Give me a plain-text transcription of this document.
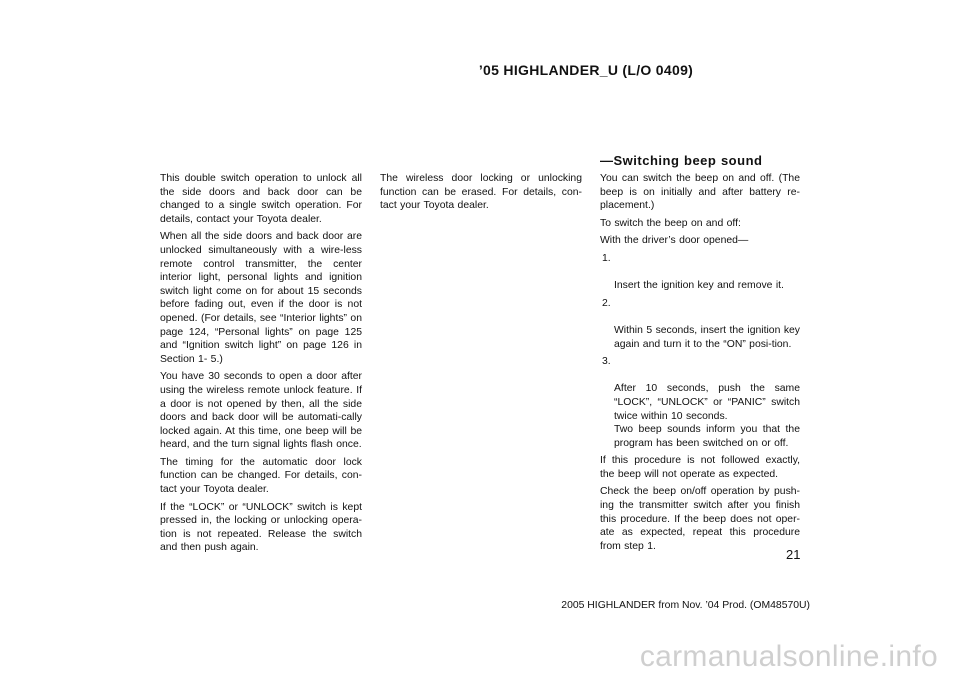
’05 HIGHLANDER_U (L/O 0409)

This double switch operation to unlock all the side doors and back door can be changed to a single switch operation. For details, contact your Toyota dealer.

When all the side doors and back door are unlocked simultaneously with a wire-less remote control transmitter, the center interior light, personal lights and ignition switch light come on for about 15 seconds before fading out, even if the door is not opened. (For details, see “Interior lights” on page 124, “Personal lights” on page 125 and “Ignition switch light” on page 126 in Section 1- 5.)

You have 30 seconds to open a door after using the wireless remote unlock feature. If a door is not opened by then, all the side doors and back door will be automati-cally locked again. At this time, one beep will be heard, and the turn signal lights flash once.

The timing for the automatic door lock function can be changed. For details, con-tact your Toyota dealer.

If the “LOCK” or “UNLOCK” switch is kept pressed in, the locking or unlocking opera-tion is not repeated. Release the switch and then push again.

The wireless door locking or unlocking function can be erased. For details, con-tact your Toyota dealer.

—Switching beep sound

You can switch the beep on and off. (The beep is on initially and after battery re-placement.)

To switch the beep on and off:

With the driver’s door opened—

1.

Insert the ignition key and remove it.

2.

Within 5 seconds, insert the ignition key again and turn it to the “ON” posi-tion.

3.

After 10 seconds, push the same “LOCK”, “UNLOCK” or “PANIC” switch twice within 10 seconds.
Two beep sounds inform you that the program has been switched on or off.

If this procedure is not followed exactly, the beep will not operate as expected.

Check the beep on/off operation by push-ing the transmitter switch after you finish this procedure. If the beep does not oper-ate as expected, repeat this procedure from step 1.

21
2005 HIGHLANDER from Nov. ’04 Prod. (OM48570U)
carmanualsonline.info
